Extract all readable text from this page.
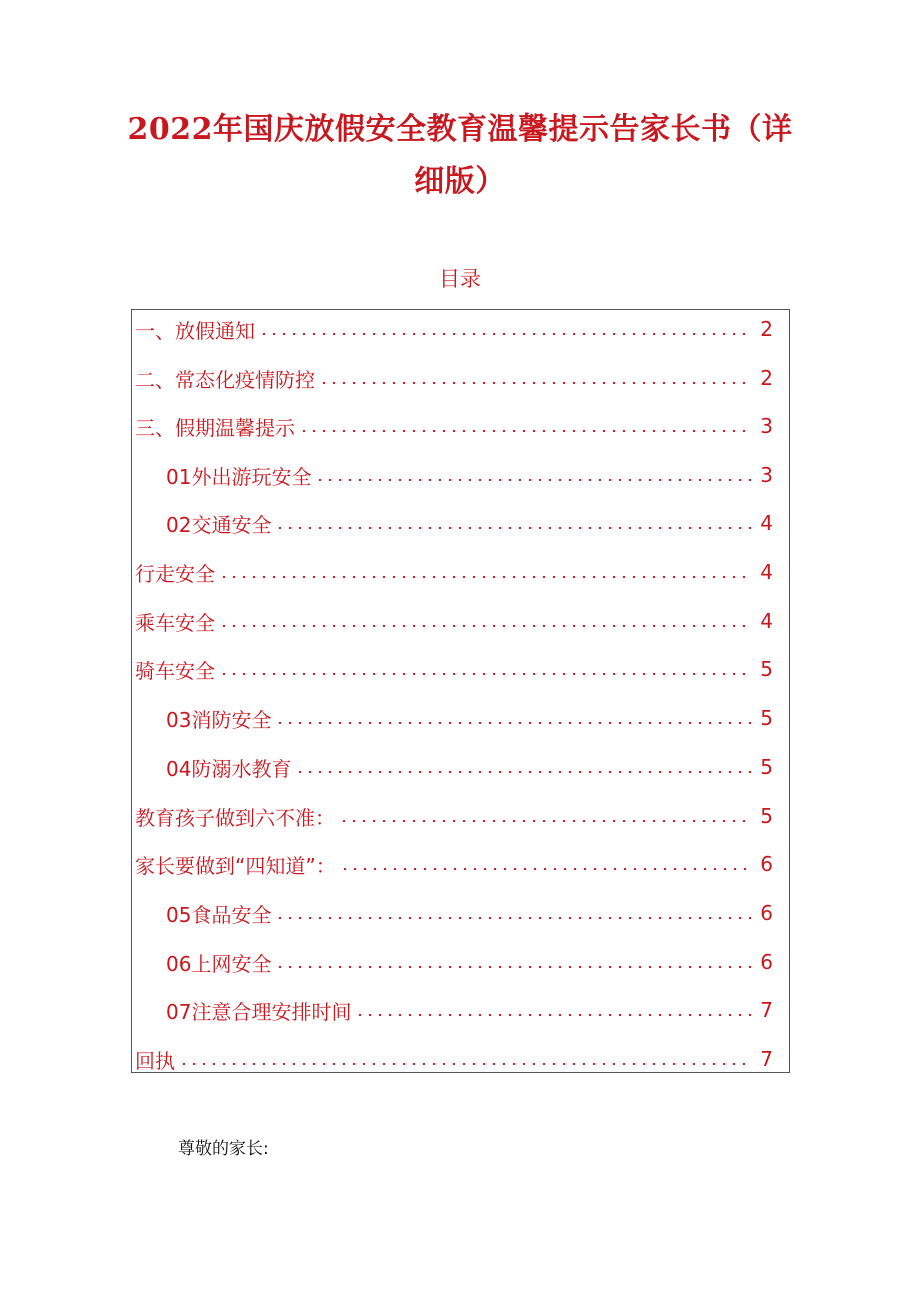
2022年国庆放假安全教育温馨提示告家长书（详细版）
目录
一、放假通知	2
二、常态化疫情防控	2
三、假期温馨提示	3
01外出游玩安全	3
02交通安全	4
行走安全	4
乘车安全	4
骑车安全	5
03消防安全	5
04防溺水教育	5
教育孩子做到六不准：	5
家长要做到“四知道”：	6
05食品安全	6
06上网安全	6
07注意合理安排时间	7
回执	7
尊敬的家长:
